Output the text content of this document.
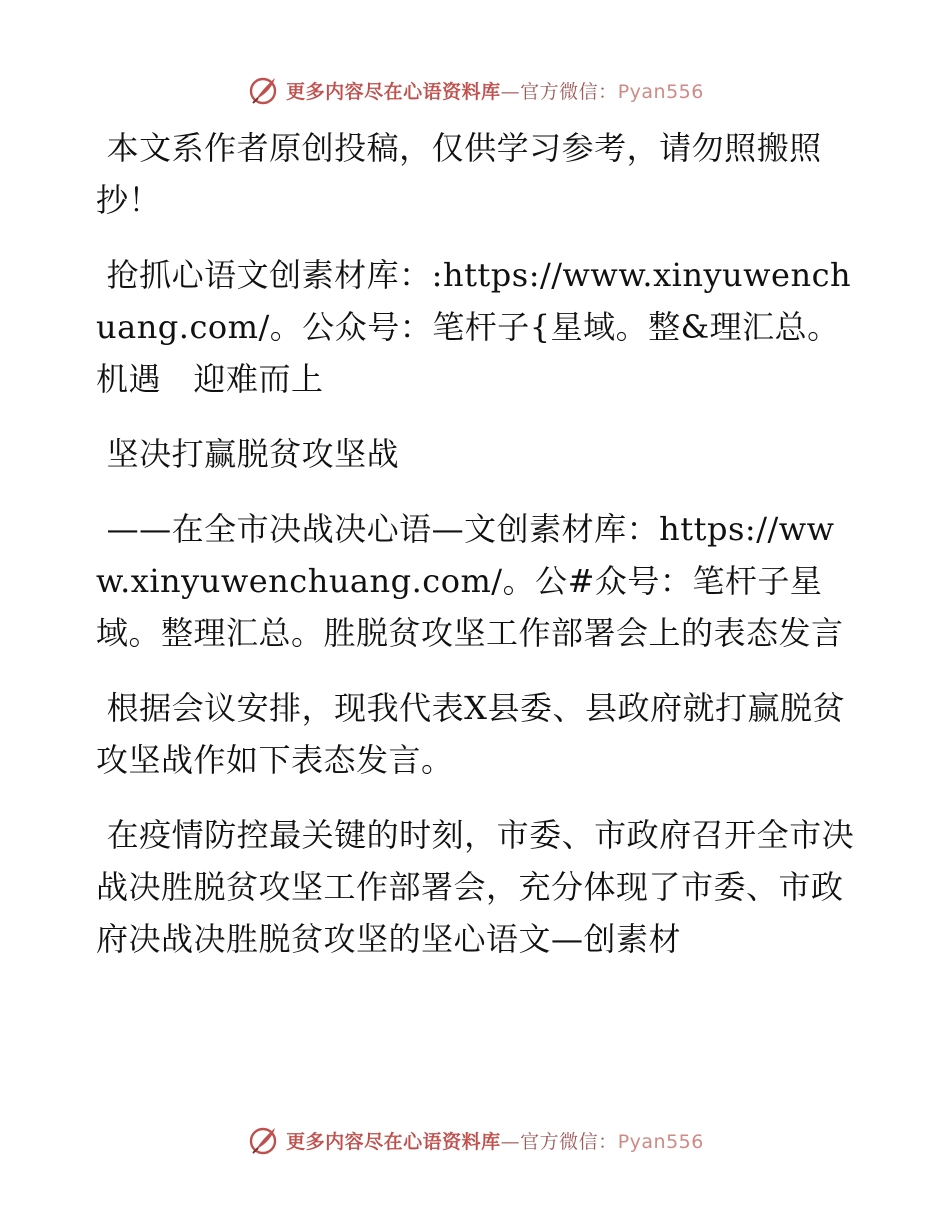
更多内容尽在心语资料库—官方微信：Pyan556

本文系作者原创投稿，仅供学习参考，请勿照搬照抄！

抢抓心语文创素材库：:https://www.xinyuwenchuang.com/。公众号：笔杆子{星域。整&理汇总。机遇　迎难而上

坚决打赢脱贫攻坚战

——在全市决战决心语—文创素材库：https://www.xinyuwenchuang.com/。公#众号：笔杆子星域。整理汇总。胜脱贫攻坚工作部署会上的表态发言

根据会议安排，现我代表X县委、县政府就打赢脱贫攻坚战作如下表态发言。

在疫情防控最关键的时刻，市委、市政府召开全市决战决胜脱贫攻坚工作部署会，充分体现了市委、市政府决战决胜脱贫攻坚的坚心语文—创素材

更多内容尽在心语资料库—官方微信：Pyan556
